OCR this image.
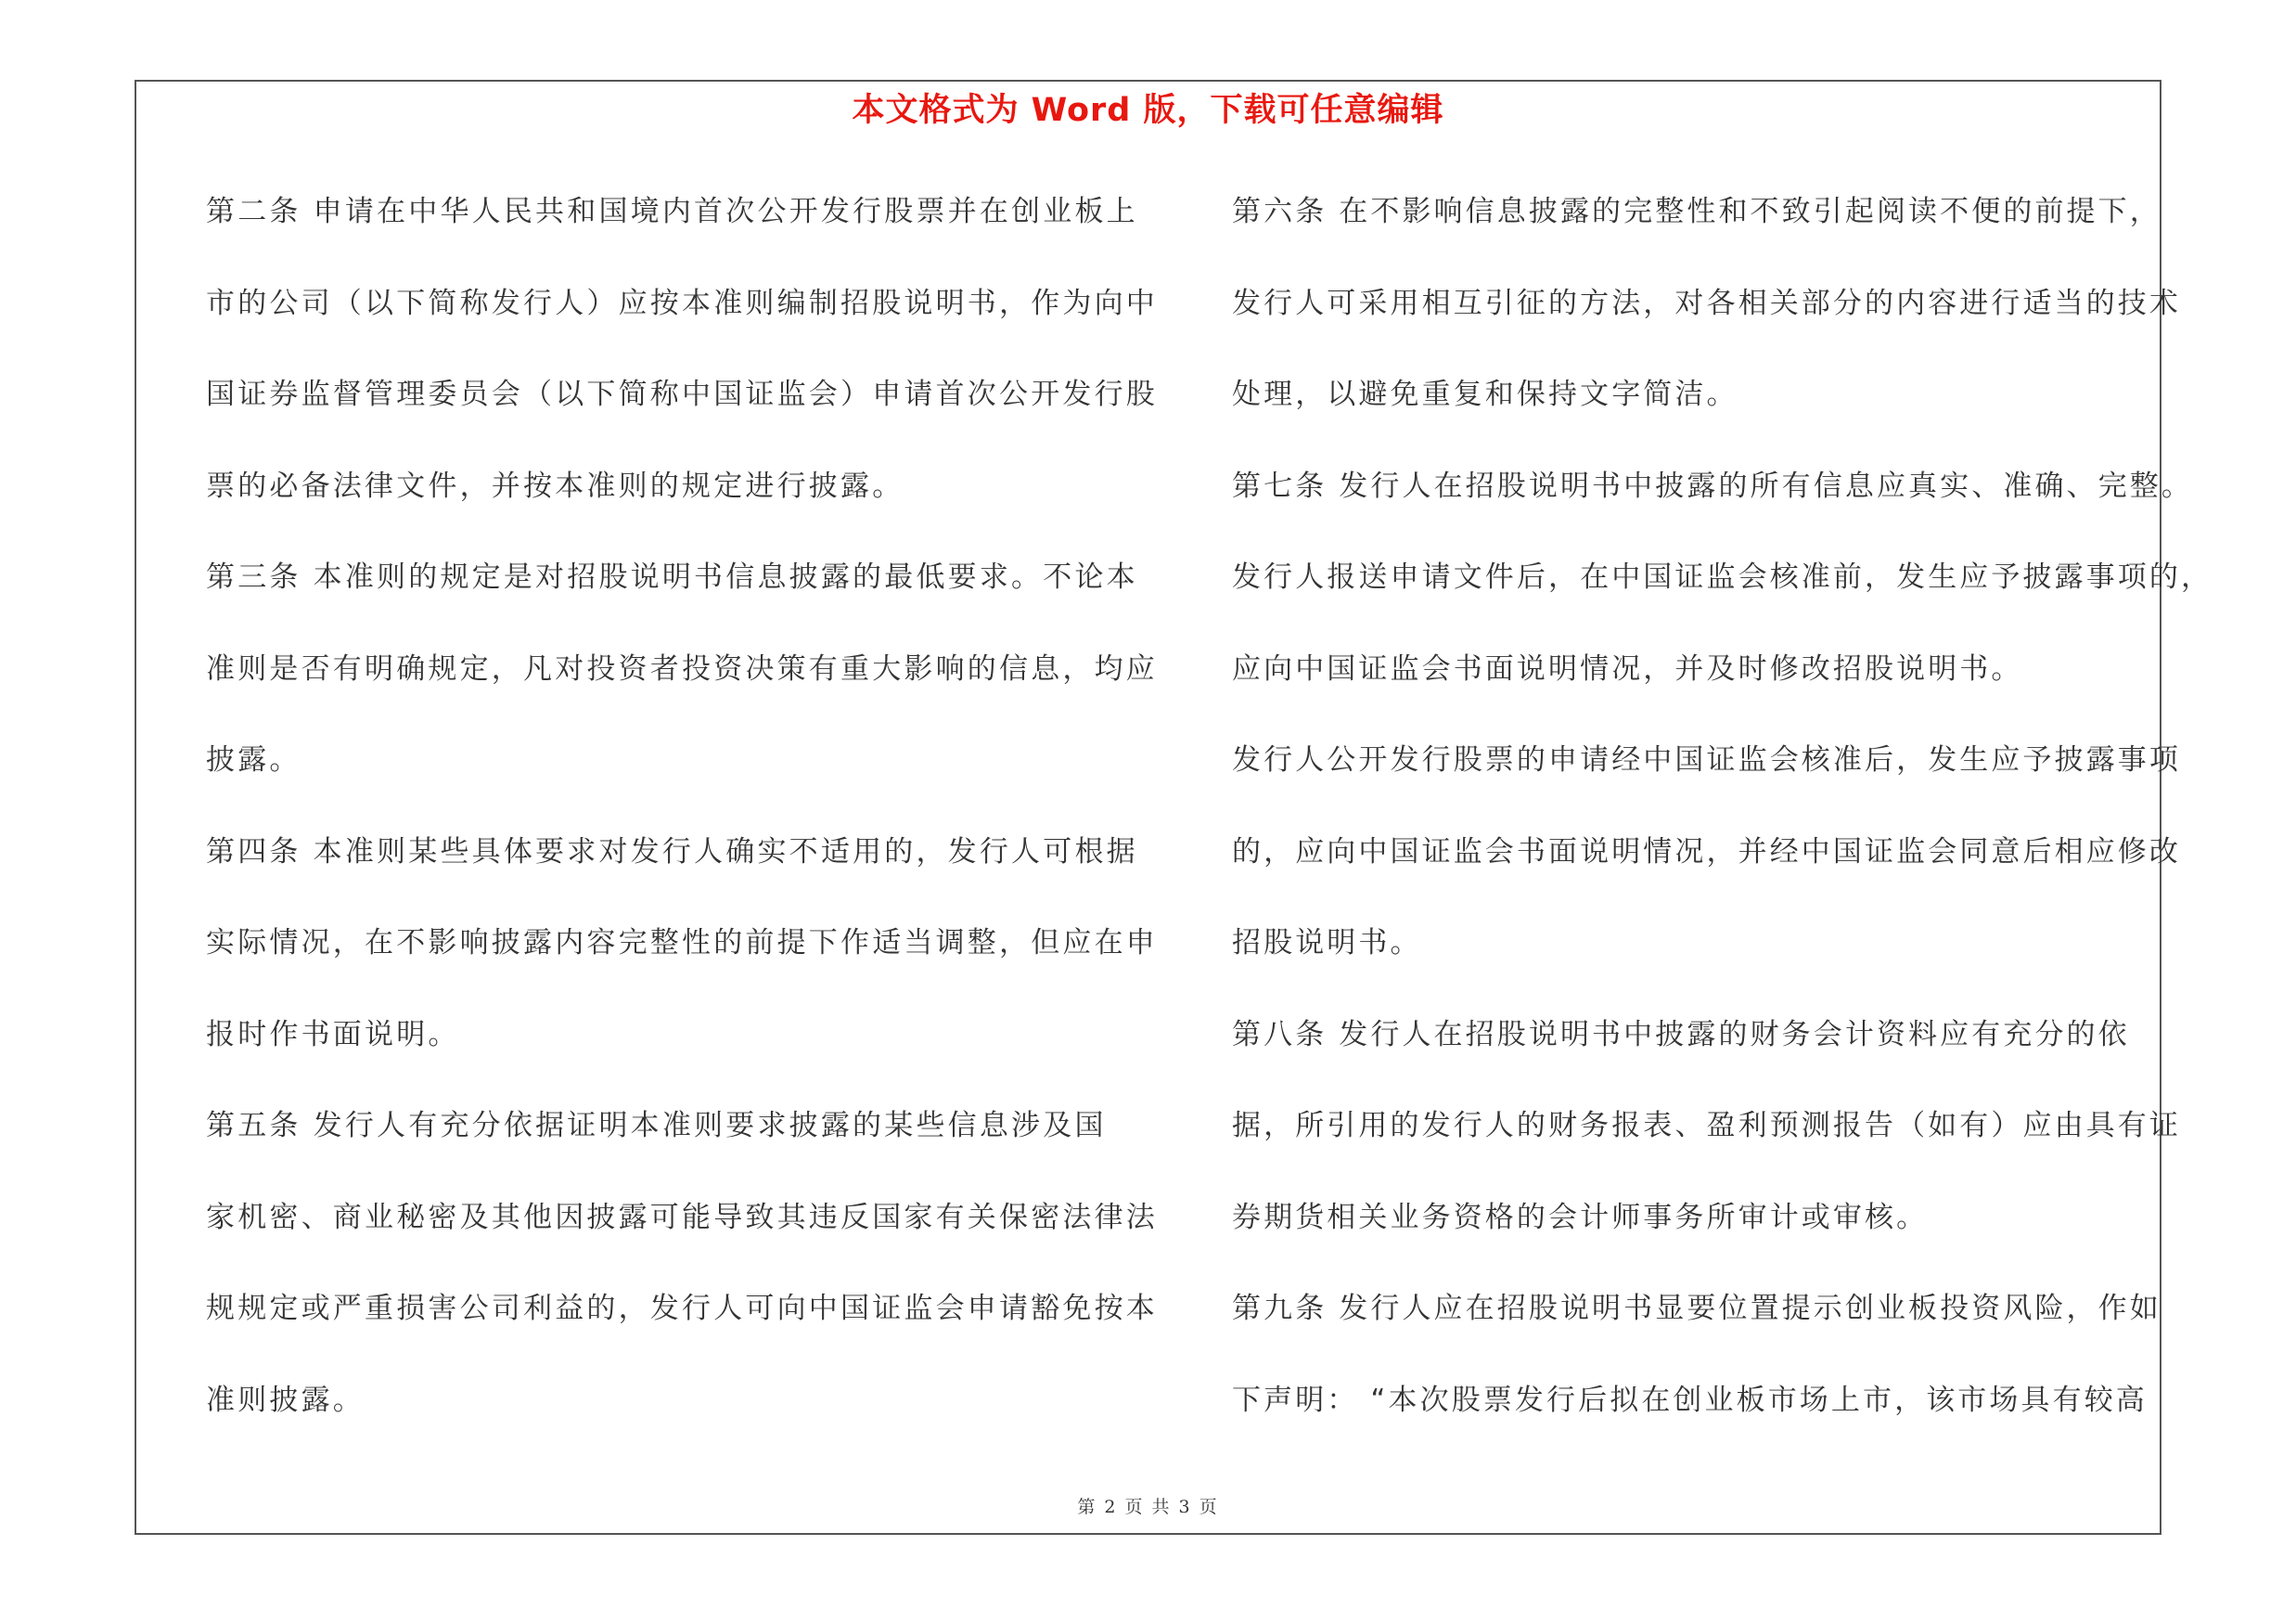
本文格式为 Word 版，下载可任意编辑
第二条 申请在中华人民共和国境内首次公开发行股票并在创业板上
市的公司（以下简称发行人）应按本准则编制招股说明书，作为向中
国证券监督管理委员会（以下简称中国证监会）申请首次公开发行股
票的必备法律文件，并按本准则的规定进行披露。
第三条 本准则的规定是对招股说明书信息披露的最低要求。不论本
准则是否有明确规定，凡对投资者投资决策有重大影响的信息，均应
披露。
第四条 本准则某些具体要求对发行人确实不适用的，发行人可根据
实际情况，在不影响披露内容完整性的前提下作适当调整，但应在申
报时作书面说明。
第五条 发行人有充分依据证明本准则要求披露的某些信息涉及国
家机密、商业秘密及其他因披露可能导致其违反国家有关保密法律法
规规定或严重损害公司利益的，发行人可向中国证监会申请豁免按本
准则披露。
第六条 在不影响信息披露的完整性和不致引起阅读不便的前提下，
发行人可采用相互引征的方法，对各相关部分的内容进行适当的技术
处理，以避免重复和保持文字简洁。
第七条 发行人在招股说明书中披露的所有信息应真实、准确、完整。
发行人报送申请文件后，在中国证监会核准前，发生应予披露事项的，
应向中国证监会书面说明情况，并及时修改招股说明书。
发行人公开发行股票的申请经中国证监会核准后，发生应予披露事项
的，应向中国证监会书面说明情况，并经中国证监会同意后相应修改
招股说明书。
第八条 发行人在招股说明书中披露的财务会计资料应有充分的依
据，所引用的发行人的财务报表、盈利预测报告（如有）应由具有证
券期货相关业务资格的会计师事务所审计或审核。
第九条 发行人应在招股说明书显要位置提示创业板投资风险，作如
下声明： “本次股票发行后拟在创业板市场上市，该市场具有较高
第 2 页 共 3 页
